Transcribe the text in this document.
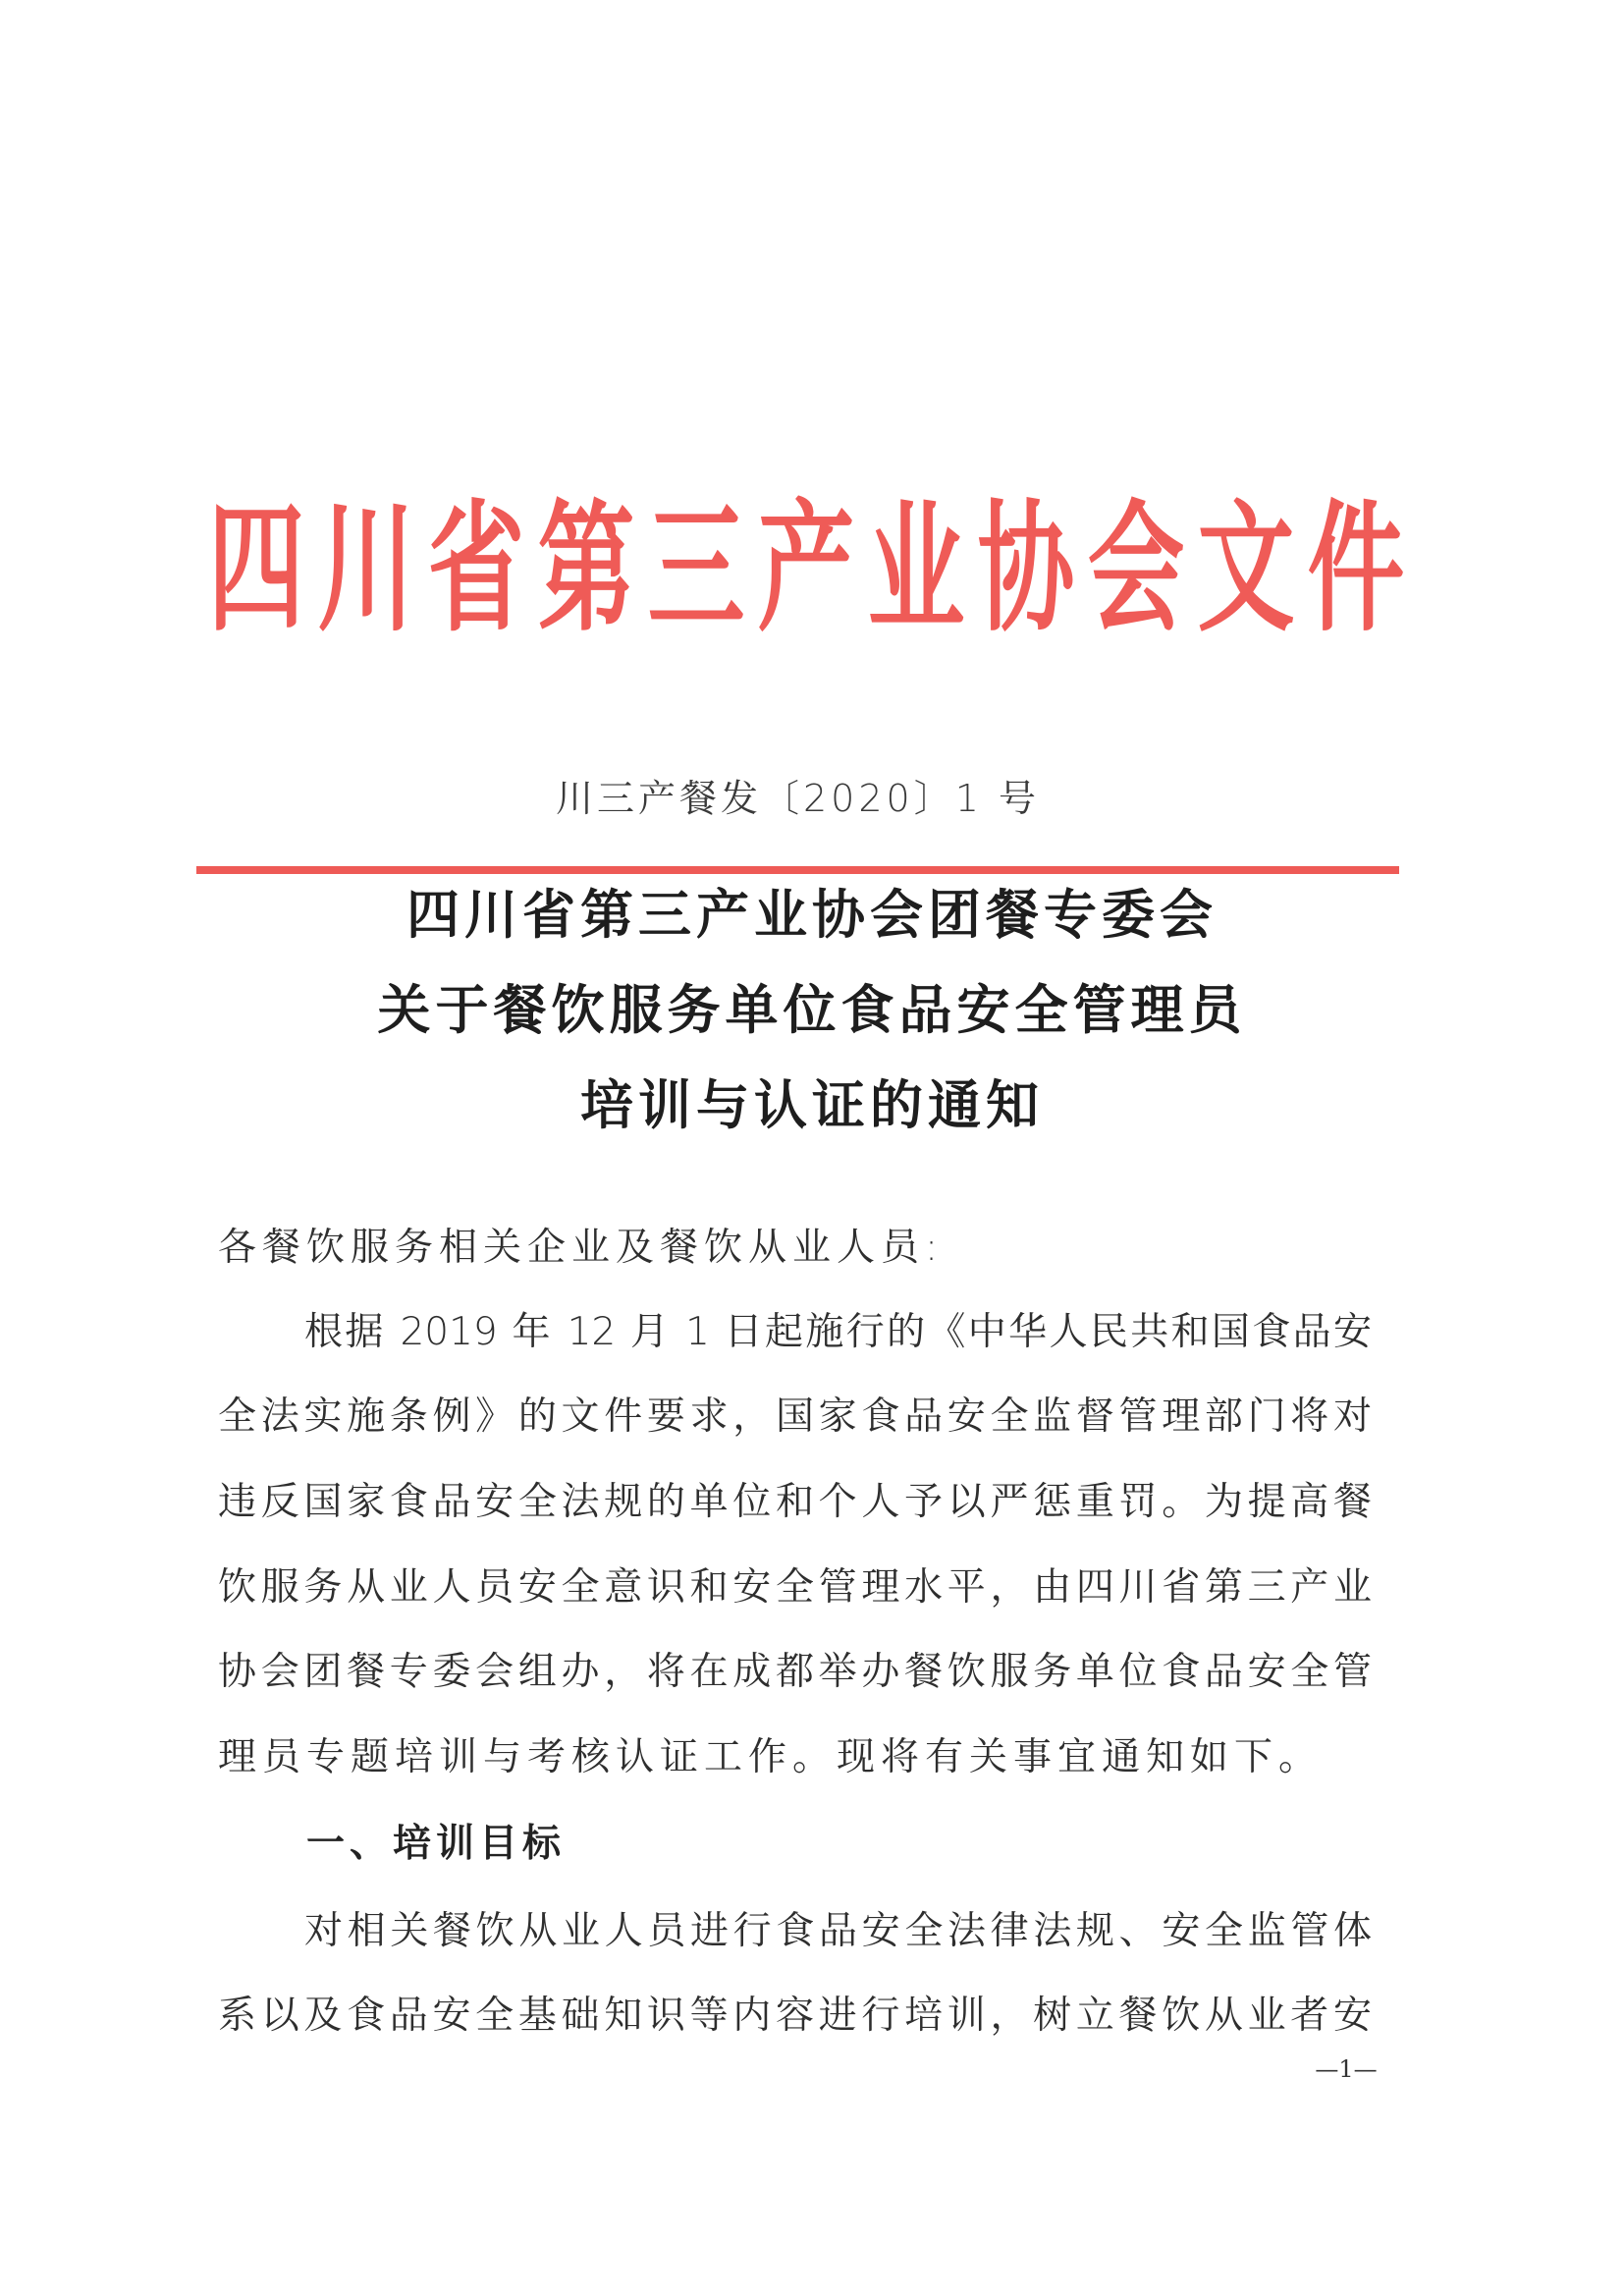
四 川 省 第 三 产 业 协 会 文 件
川三产餐发〔2020〕1 号
四川省第三产业协会团餐专委会
关于餐饮服务单位食品安全管理员
培训与认证的通知
各餐饮服务相关企业及餐饮从业人员:
根据 2019 年 12 月 1 日起施行的《中华人民共和国食品安
全法实施条例》的文件要求，国家食品安全监督管理部门将对
违反国家食品安全法规的单位和个人予以严惩重罚。为提高餐
饮服务从业人员安全意识和安全管理水平，由四川省第三产业
协会团餐专委会组办，将在成都举办餐饮服务单位食品安全管
理员专题培训与考核认证工作。现将有关事宜通知如下。
一、培训目标
对相关餐饮从业人员进行食品安全法律法规、安全监管体
系以及食品安全基础知识等内容进行培训，树立餐饮从业者安
—1—
